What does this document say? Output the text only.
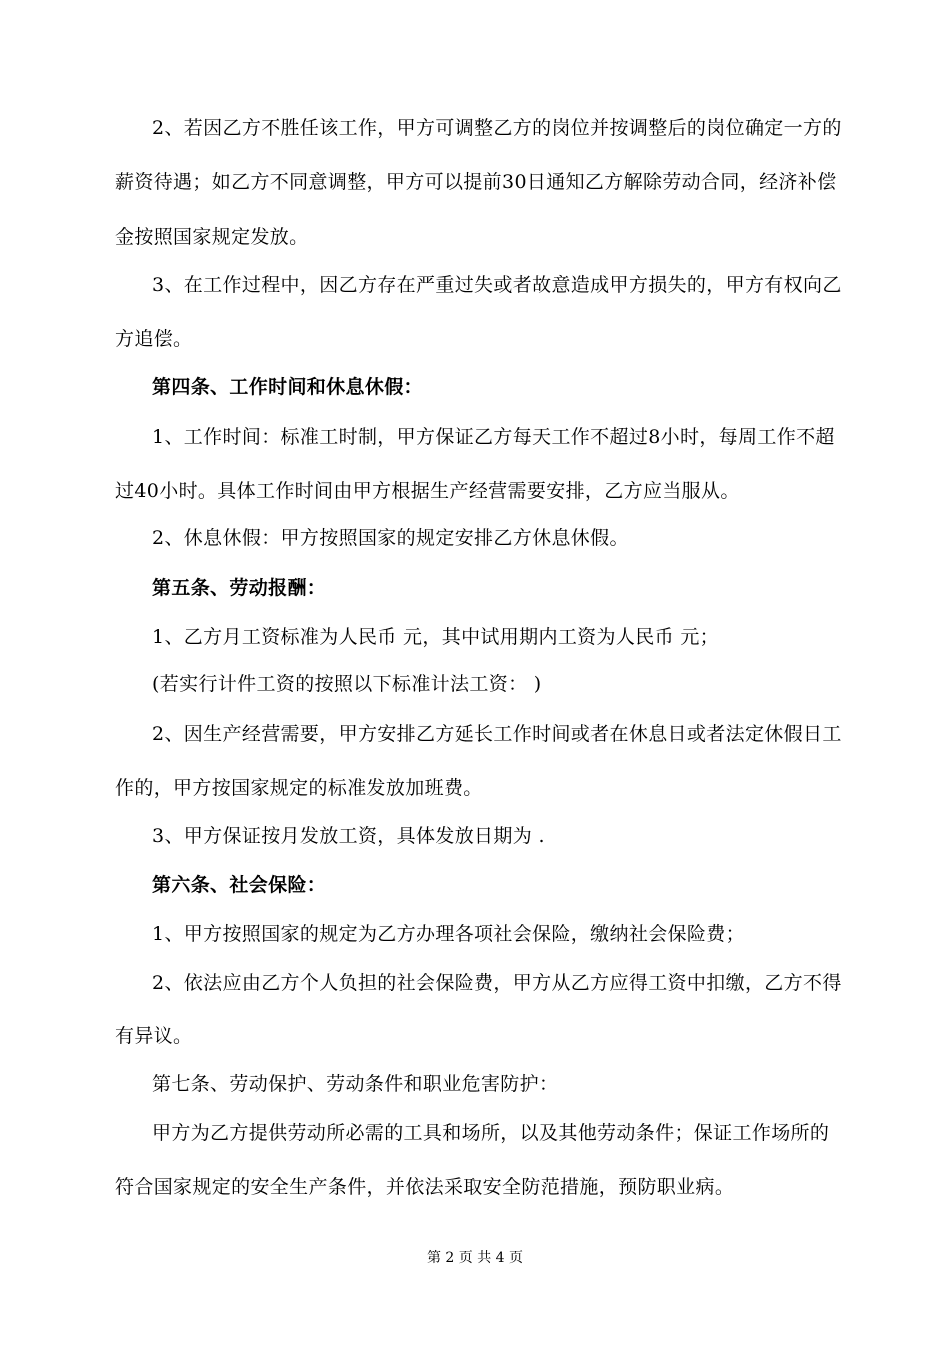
2、若因乙方不胜任该工作，甲方可调整乙方的岗位并按调整后的岗位确定一方的
薪资待遇；如乙方不同意调整，甲方可以提前30日通知乙方解除劳动合同，经济补偿
金按照国家规定发放。
3、在工作过程中，因乙方存在严重过失或者故意造成甲方损失的，甲方有权向乙
方追偿。
第四条、工作时间和休息休假：
1、工作时间：标准工时制，甲方保证乙方每天工作不超过8小时，每周工作不超
过40小时。具体工作时间由甲方根据生产经营需要安排，乙方应当服从。
2、休息休假：甲方按照国家的规定安排乙方休息休假。
第五条、劳动报酬：
1、乙方月工资标准为人民币 元，其中试用期内工资为人民币 元；
(若实行计件工资的按照以下标准计法工资： )
2、因生产经营需要，甲方安排乙方延长工作时间或者在休息日或者法定休假日工
作的，甲方按国家规定的标准发放加班费。
3、甲方保证按月发放工资，具体发放日期为 .
第六条、社会保险：
1、甲方按照国家的规定为乙方办理各项社会保险，缴纳社会保险费；
2、依法应由乙方个人负担的社会保险费，甲方从乙方应得工资中扣缴，乙方不得
有异议。
第七条、劳动保护、劳动条件和职业危害防护：
甲方为乙方提供劳动所必需的工具和场所，以及其他劳动条件；保证工作场所的
符合国家规定的安全生产条件，并依法采取安全防范措施，预防职业病。
第 2 页 共 4 页
